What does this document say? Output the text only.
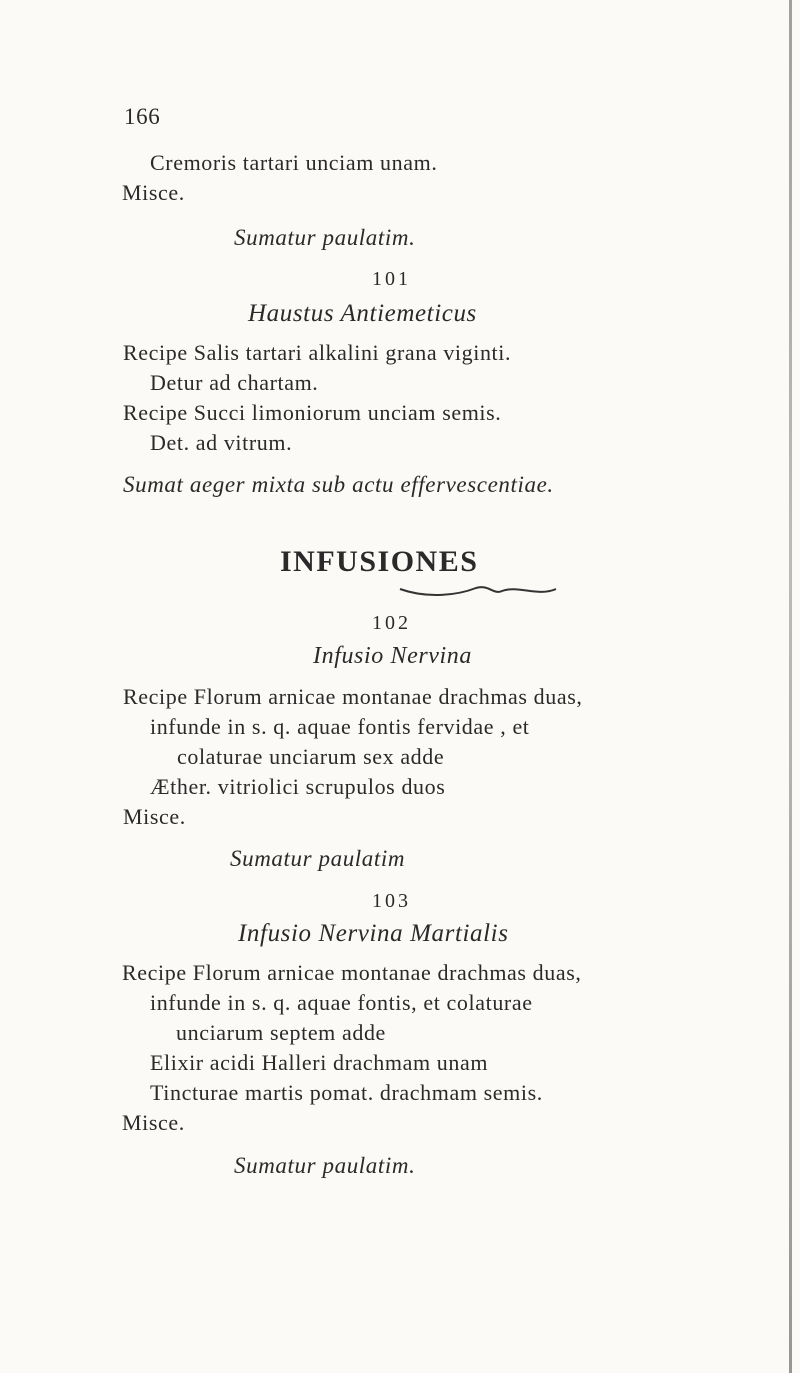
166
Cremoris tartari unciam unam.
Misce.
Sumatur paulatim.
101
Haustus Antiemeticus
Recipe Salis tartari alkalini grana viginti.
Detur ad chartam.
Recipe Succi limoniorum unciam semis.
Det. ad vitrum.
Sumat aeger mixta sub actu effervescentiae.
INFUSIONES
102
Infusio Nervina
Recipe Florum arnicae montanae drachmas duas,
infunde in s. q. aquae fontis fervidae , et
colaturae unciarum sex adde
Æther. vitriolici scrupulos duos
Misce.
Sumatur paulatim
103
Infusio Nervina Martialis
Recipe Florum arnicae montanae drachmas duas,
infunde in s. q. aquae fontis, et colaturae
unciarum septem adde
Elixir acidi Halleri drachmam unam
Tincturae martis pomat. drachmam semis.
Misce.
Sumatur paulatim.
